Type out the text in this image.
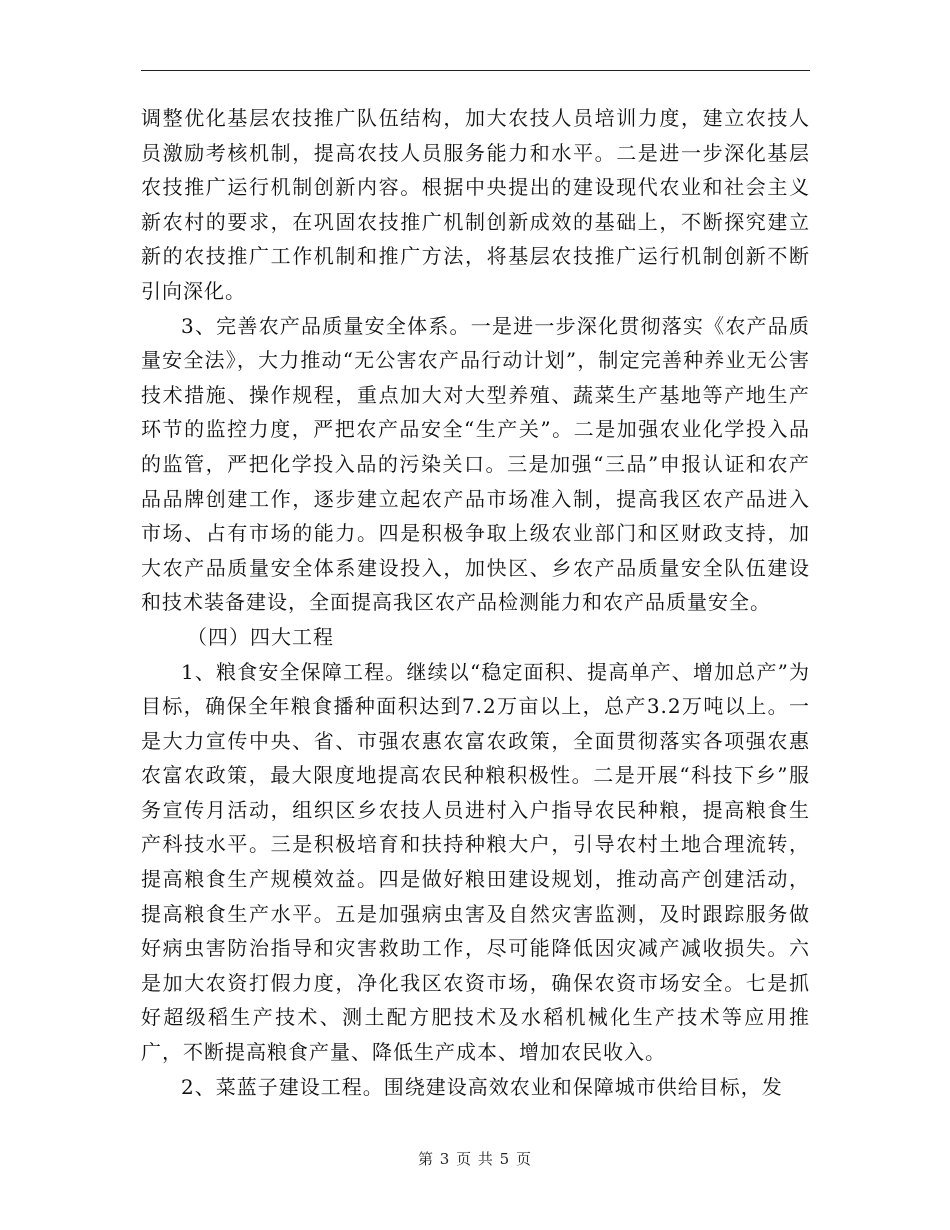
调整优化基层农技推广队伍结构，加大农技人员培训力度，建立农技人员激励考核机制，提高农技人员服务能力和水平。二是进一步深化基层农技推广运行机制创新内容。根据中央提出的建设现代农业和社会主义新农村的要求，在巩固农技推广机制创新成效的基础上，不断探究建立新的农技推广工作机制和推广方法，将基层农技推广运行机制创新不断引向深化。

3、完善农产品质量安全体系。一是进一步深化贯彻落实《农产品质量安全法》，大力推动“无公害农产品行动计划”，制定完善种养业无公害技术措施、操作规程，重点加大对大型养殖、蔬菜生产基地等产地生产环节的监控力度，严把农产品安全“生产关”。二是加强农业化学投入品的监管，严把化学投入品的污染关口。三是加强“三品”申报认证和农产品品牌创建工作，逐步建立起农产品市场准入制，提高我区农产品进入市场、占有市场的能力。四是积极争取上级农业部门和区财政支持，加大农产品质量安全体系建设投入，加快区、乡农产品质量安全队伍建设和技术装备建设，全面提高我区农产品检测能力和农产品质量安全。

（四）四大工程

1、粮食安全保障工程。继续以“稳定面积、提高单产、增加总产”为目标，确保全年粮食播种面积达到7.2万亩以上，总产3.2万吨以上。一是大力宣传中央、省、市强农惠农富农政策，全面贯彻落实各项强农惠农富农政策，最大限度地提高农民种粮积极性。二是开展“科技下乡”服务宣传月活动，组织区乡农技人员进村入户指导农民种粮，提高粮食生产科技水平。三是积极培育和扶持种粮大户，引导农村土地合理流转，提高粮食生产规模效益。四是做好粮田建设规划，推动高产创建活动，提高粮食生产水平。五是加强病虫害及自然灾害监测，及时跟踪服务做好病虫害防治指导和灾害救助工作，尽可能降低因灾减产减收损失。六是加大农资打假力度，净化我区农资市场，确保农资市场安全。七是抓好超级稻生产技术、测土配方肥技术及水稻机械化生产技术等应用推广，不断提高粮食产量、降低生产成本、增加农民收入。

2、菜蓝子建设工程。围绕建设高效农业和保障城市供给目标，发

第 3 页 共 5 页
